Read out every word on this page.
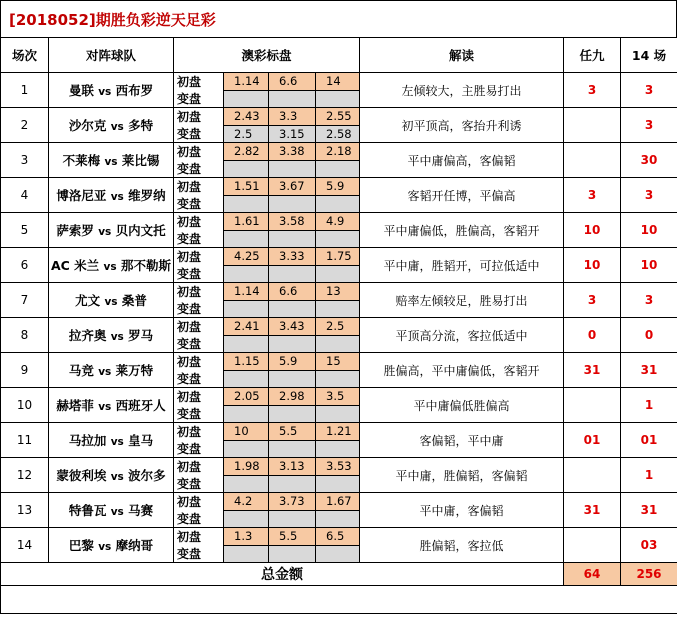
[2018052]期胜负彩逆天足彩
场次	对阵球队	澳彩标盘				解读	任九	14 场
1	曼联 vs 西布罗	初盘	1.14	6.6	14	左倾较大，主胜易打出	3	3
		变盘						
2	沙尔克 vs 多特	初盘	2.43	3.3	2.55	初平顶高，客抬升利诱		3
		变盘	2.5	3.15	2.58			
3	不莱梅 vs 莱比锡	初盘	2.82	3.38	2.18	平中庸偏高，客偏韬		30
		变盘						
4	博洛尼亚 vs 维罗纳	初盘	1.51	3.67	5.9	客韬开任博，平偏高	3	3
		变盘						
5	萨索罗 vs 贝内文托	初盘	1.61	3.58	4.9	平中庸偏低，胜偏高，客韬开	10	10
		变盘						
6	AC 米兰 vs 那不勒斯	初盘	4.25	3.33	1.75	平中庸，胜韬开，可拉低适中	10	10
		变盘						
7	尤文 vs 桑普	初盘	1.14	6.6	13	赔率左倾较足，胜易打出	3	3
		变盘						
8	拉齐奥 vs 罗马	初盘	2.41	3.43	2.5	平顶高分流，客拉低适中	0	0
		变盘						
9	马竞 vs 莱万特	初盘	1.15	5.9	15	胜偏高，平中庸偏低，客韬开	31	31
		变盘						
10	赫塔菲 vs 西班牙人	初盘	2.05	2.98	3.5	平中庸偏低胜偏高		1
		变盘						
11	马拉加 vs 皇马	初盘	10	5.5	1.21	客偏韬，平中庸	01	01
		变盘						
12	蒙彼利埃 vs 波尔多	初盘	1.98	3.13	3.53	平中庸，胜偏韬，客偏韬		1
		变盘						
13	特鲁瓦 vs 马赛	初盘	4.2	3.73	1.67	平中庸，客偏韬	31	31
		变盘						
14	巴黎 vs 摩纳哥	初盘	1.3	5.5	6.5	胜偏韬，客拉低		03
		变盘						
总金额							64	256
